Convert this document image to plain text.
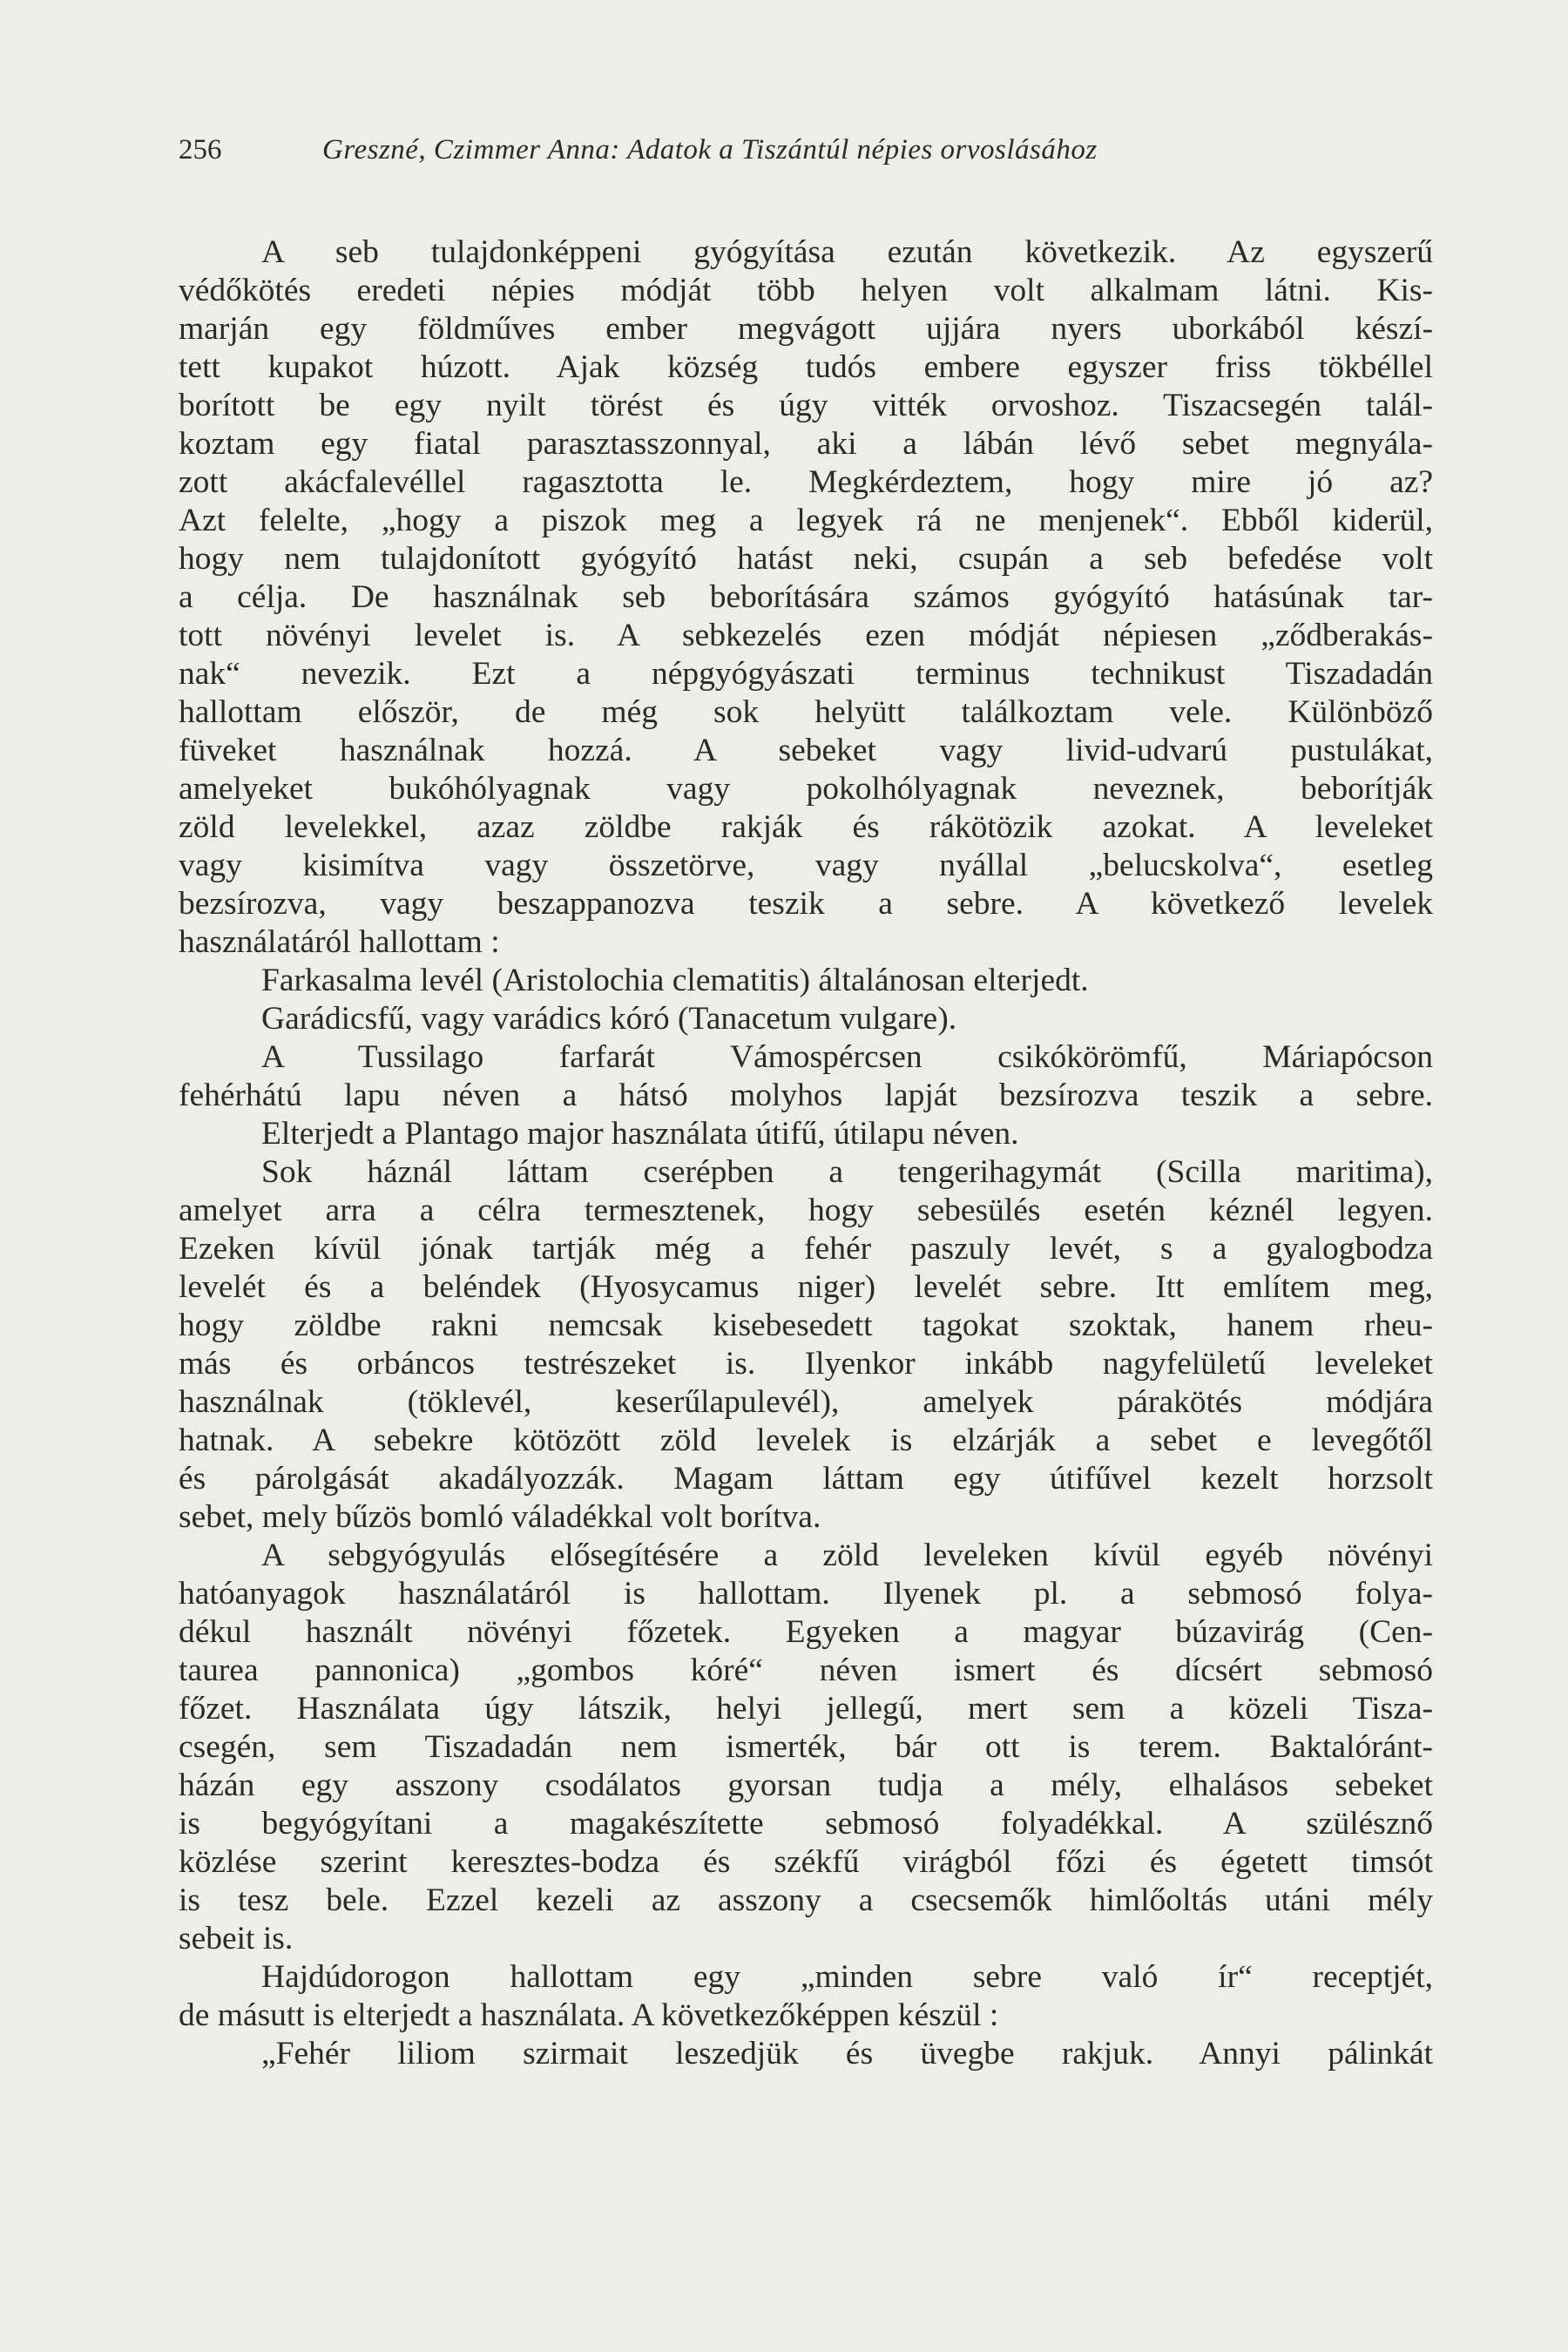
256	Greszné, Czimmer Anna: Adatok a Tiszántúl népies orvoslásához
A seb tulajdonképpeni gyógyítása ezután következik. Az egyszerű
védőkötés eredeti népies módját több helyen volt alkalmam látni. Kis-
marján egy földműves ember megvágott ujjára nyers uborkából készí-
tett kupakot húzott. Ajak község tudós embere egyszer friss tökbéllel
borított be egy nyilt törést és úgy vitték orvoshoz. Tiszacsegén talál-
koztam egy fiatal parasztasszonnyal, aki a lábán lévő sebet megnyála-
zott akácfalevéllel ragasztotta le. Megkérdeztem, hogy mire jó az?
Azt felelte, „hogy a piszok meg a legyek rá ne menjenek“. Ebből kiderül,
hogy nem tulajdonított gyógyító hatást neki, csupán a seb befedése volt
a célja. De használnak seb beborítására számos gyógyító hatásúnak tar-
tott növényi levelet is. A sebkezelés ezen módját népiesen „ződberakás-
nak“ nevezik. Ezt a népgyógyászati terminus technikust Tiszadadán
hallottam először, de még sok helyütt találkoztam vele. Különböző
füveket használnak hozzá. A sebeket vagy livid-udvarú pustulákat,
amelyeket bukóhólyagnak vagy pokolhólyagnak neveznek, beborítják
zöld levelekkel, azaz zöldbe rakják és rákötözik azokat. A leveleket
vagy kisimítva vagy összetörve, vagy nyállal „belucskolva“, esetleg
bezsírozva, vagy beszappanozva teszik a sebre. A következő levelek
használatáról hallottam :
Farkasalma levél (Aristolochia clematitis) általánosan elterjedt.
Garádicsfű, vagy varádics kóró (Tanacetum vulgare).
A Tussilago farfarát Vámospércsen csikókörömfű, Máriapócson
fehérhátú lapu néven a hátsó molyhos lapját bezsírozva teszik a sebre.
Elterjedt a Plantago major használata útifű, útilapu néven.
Sok háznál láttam cserépben a tengerihagymát (Scilla maritima),
amelyet arra a célra termesztenek, hogy sebesülés esetén kéznél legyen.
Ezeken kívül jónak tartják még a fehér paszuly levét, s a gyalogbodza
levelét és a beléndek (Hyosycamus niger) levelét sebre. Itt említem meg,
hogy zöldbe rakni nemcsak kisebesedett tagokat szoktak, hanem rheu-
más és orbáncos testrészeket is. Ilyenkor inkább nagyfelületű leveleket
használnak (töklevél, keserűlapulevél), amelyek párakötés módjára
hatnak. A sebekre kötözött zöld levelek is elzárják a sebet e levegőtől
és párolgását akadályozzák. Magam láttam egy útifűvel kezelt horzsolt
sebet, mely bűzös bomló váladékkal volt borítva.
A sebgyógyulás elősegítésére a zöld leveleken kívül egyéb növényi
hatóanyagok használatáról is hallottam. Ilyenek pl. a sebmosó folya-
dékul használt növényi főzetek. Egyeken a magyar búzavirág (Cen-
taurea pannonica) „gombos kóré“ néven ismert és dícsért sebmosó
főzet. Használata úgy látszik, helyi jellegű, mert sem a közeli Tisza-
csegén, sem Tiszadadán nem ismerték, bár ott is terem. Baktalóránt-
házán egy asszony csodálatos gyorsan tudja a mély, elhalásos sebeket
is begyógyítani a magakészítette sebmosó folyadékkal. A szülésznő
közlése szerint keresztes-bodza és székfű virágból főzi és égetett timsót
is tesz bele. Ezzel kezeli az asszony a csecsemők himlőoltás utáni mély
sebeit is.
Hajdúdorogon hallottam egy „minden sebre való ír“ receptjét,
de másutt is elterjedt a használata. A következőképpen készül :
„Fehér liliom szirmait leszedjük és üvegbe rakjuk. Annyi pálinkát
